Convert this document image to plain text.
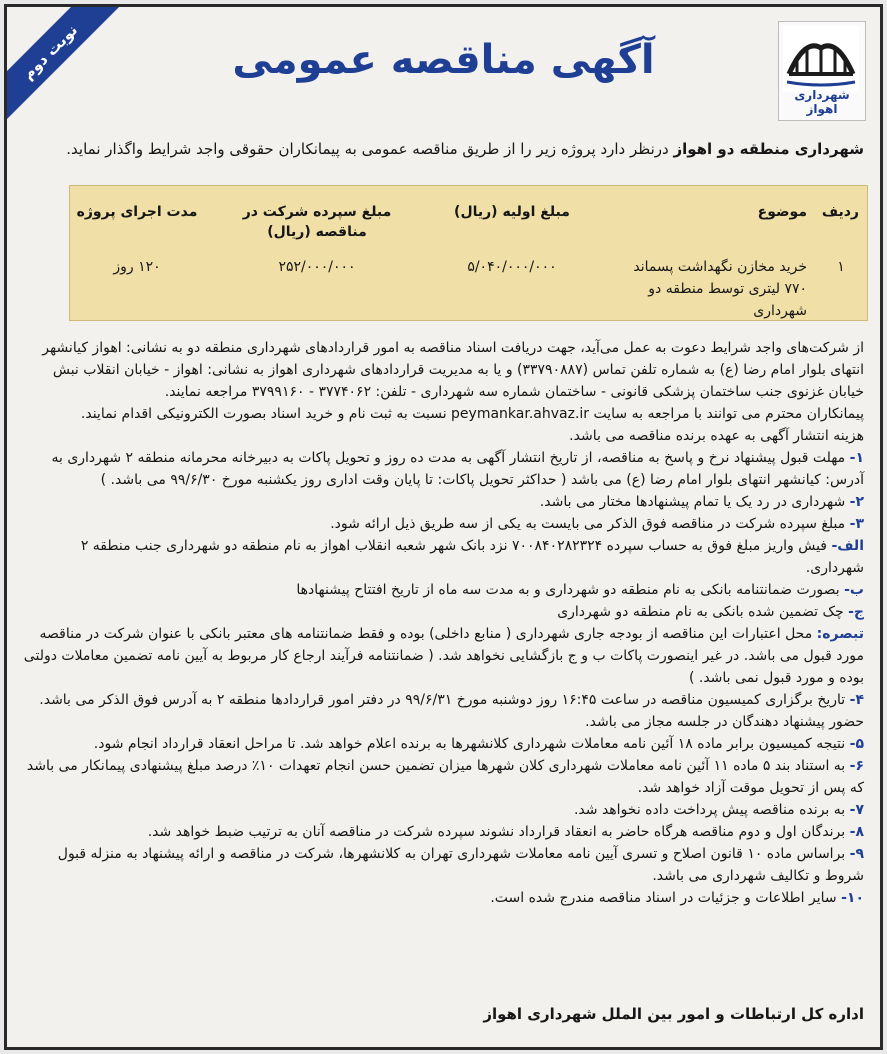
نوبت دوم
شهرداری اهواز
آگهی مناقصه عمومی
شهرداری منطقه دو اهواز درنظر دارد پروژه زیر را از طریق مناقصه عمومی به پیمانکاران حقوقی واجد شرایط واگذار نماید.
ردیف
موضوع
مبلغ اولیه (ریال)
مبلغ سپرده شرکت در مناقصه (ریال)
مدت اجرای پروژه
۱
خرید مخازن نگهداشت پسماند ۷۷۰ لیتری توسط منطقه دو شهرداری
۵/۰۴۰/۰۰۰/۰۰۰
۲۵۲/۰۰۰/۰۰۰
۱۲۰ روز

از شرکت‌های واجد شرایط دعوت به عمل می‌آید، جهت دریافت اسناد مناقصه به امور قراردادهای شهرداری منطقه دو به نشانی: اهواز کیانشهر انتهای بلوار امام رضا (ع) به شماره تلفن تماس (۳۳۷۹۰۸۸۷) و یا به مدیریت قراردادهای شهرداری اهواز به نشانی: اهواز - خیابان انقلاب نبش خیابان غزنوی جنب ساختمان پزشکی قانونی - ساختمان شماره سه شهرداری - تلفن: ۳۷۷۴۰۶۲ - ۳۷۹۹۱۶۰ مراجعه نمایند.

پیمانکاران محترم می توانند با مراجعه به سایت peymankar.ahvaz.ir نسبت به ثبت نام و خرید اسناد بصورت الکترونیکی اقدام نمایند.

هزینه انتشار آگهی به عهده برنده مناقصه می باشد.

۱- مهلت قبول پیشنهاد نرخ و پاسخ به مناقصه، از تاریخ انتشار آگهی به مدت ده روز و تحویل پاکات به دبیرخانه محرمانه منطقه ۲ شهرداری به آدرس: کیانشهر انتهای بلوار امام رضا (ع) می باشد ( حداکثر تحویل پاکات: تا پایان وقت اداری روز یکشنبه مورخ ۹۹/۶/۳۰ می باشد. )

۲- شهرداری در رد یک یا تمام پیشنهادها مختار می باشد.

۳- مبلغ سپرده شرکت در مناقصه فوق الذکر می بایست به یکی از سه طریق ذیل ارائه شود.

الف- فیش واریز مبلغ فوق به حساب سپرده ۷۰۰۸۴۰۲۸۲۳۲۴ نزد بانک شهر شعبه انقلاب اهواز به نام منطقه دو شهرداری جنب منطقه ۲ شهرداری.

ب- بصورت ضمانتنامه بانکی به نام منطقه دو شهرداری و به مدت سه ماه از تاریخ افتتاح پیشنهادها

ج- چک تضمین شده بانکی به نام منطقه دو شهرداری

تبصره: محل اعتبارات این مناقصه از بودجه جاری شهرداری ( منابع داخلی) بوده و فقط ضمانتنامه های معتبر بانکی با عنوان شرکت در مناقصه مورد قبول می باشد. در غیر اینصورت پاکات ب و ج بازگشایی نخواهد شد. ( ضمانتنامه فرآیند ارجاع کار مربوط به آیین نامه تضمین معاملات دولتی بوده و مورد قبول نمی باشد. )

۴- تاریخ برگزاری کمیسیون مناقصه در ساعت ۱۶:۴۵ روز دوشنبه مورخ ۹۹/۶/۳۱ در دفتر امور قراردادها منطقه ۲ به آدرس فوق الذکر می باشد. حضور پیشنهاد دهندگان در جلسه مجاز می باشد.

۵- نتیجه کمیسیون برابر ماده ۱۸ آئین نامه معاملات شهرداری کلانشهرها به برنده اعلام خواهد شد. تا مراحل انعقاد قرارداد انجام شود.

۶- به استناد بند ۵ ماده ۱۱ آئین نامه معاملات شهرداری کلان شهرها میزان تضمین حسن انجام تعهدات ۱۰٪ درصد مبلغ پیشنهادی پیمانکار می باشد که پس از تحویل موقت آزاد خواهد شد.

۷- به برنده مناقصه پیش پرداخت داده نخواهد شد.

۸- برندگان اول و دوم مناقصه هرگاه حاضر به انعقاد قرارداد نشوند سپرده شرکت در مناقصه آنان به ترتیب ضبط خواهد شد.

۹- براساس ماده ۱۰ قانون اصلاح و تسری آیین نامه معاملات شهرداری تهران به کلانشهرها، شرکت در مناقصه و ارائه پیشنهاد به منزله قبول شروط و تکالیف شهرداری می باشد.

۱۰- سایر اطلاعات و جزئیات در اسناد مناقصه مندرج شده است.

اداره کل ارتباطات و امور بین الملل شهرداری اهواز
